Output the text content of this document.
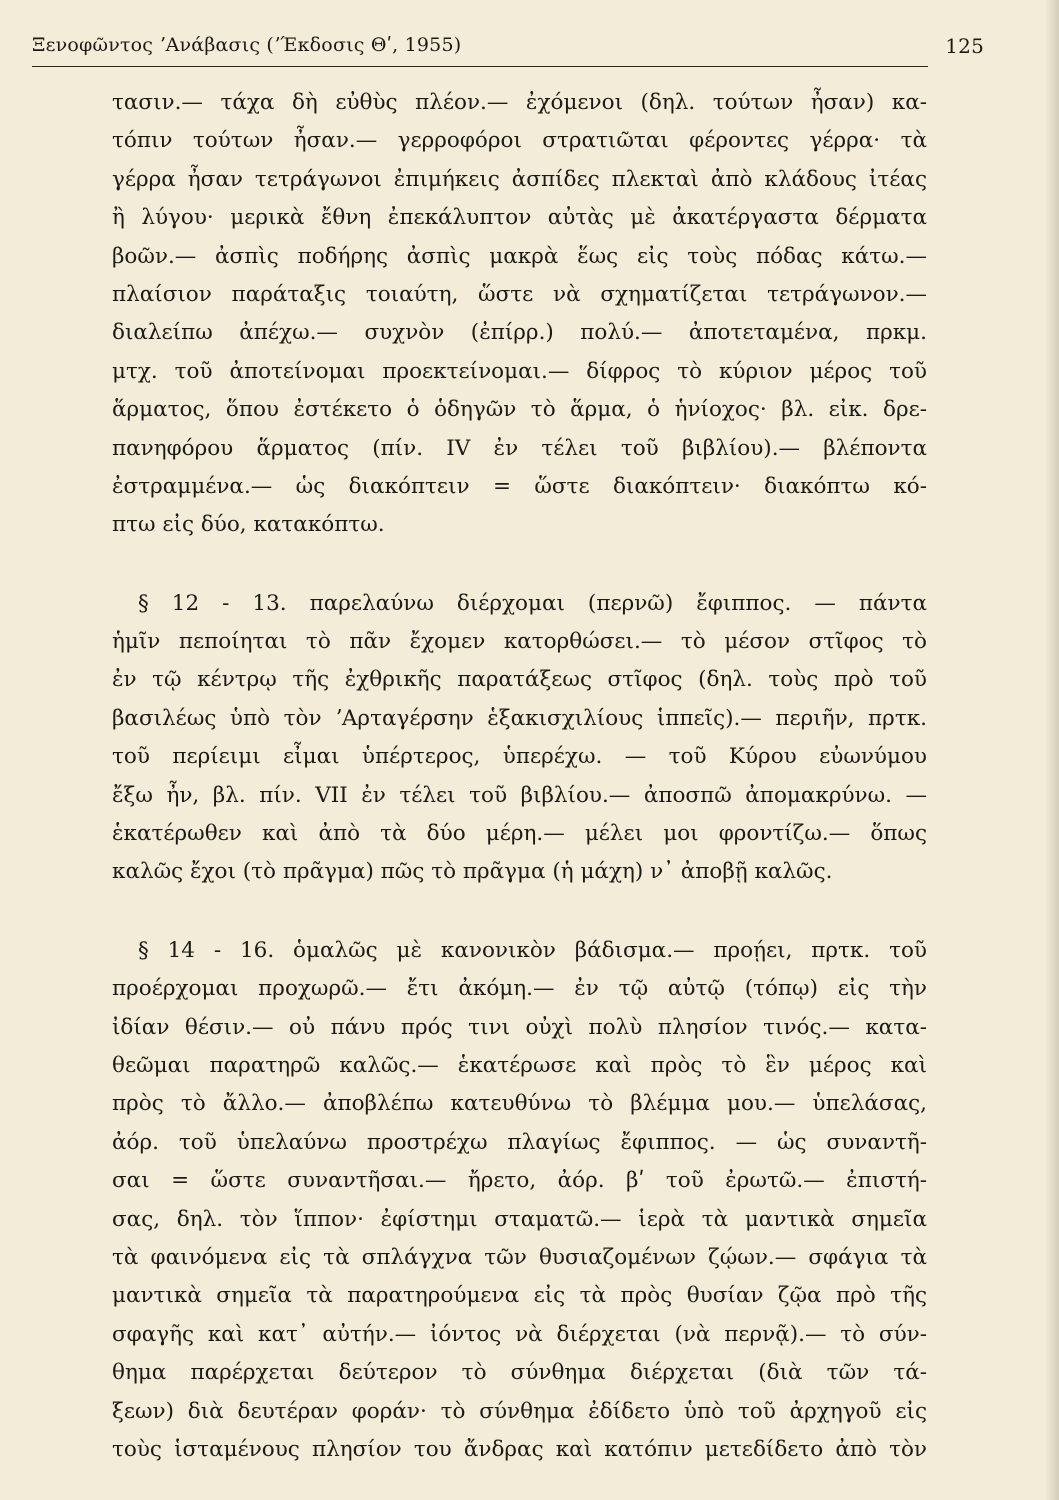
Ξενοφῶντος ʼΑνάβασις (ʼΈκδοσις Θʹ, 1955)	125
τασιν.— τάχα δὴ εὐθὺς πλέον.— ἐχόμενοι (δηλ. τούτων ἦσαν) κα-
τόπιν τούτων ἦσαν.— γερροφόροι στρατιῶται φέροντες γέρρα· τὰ
γέρρα ἦσαν τετράγωνοι ἐπιμήκεις ἀσπίδες πλεκταὶ ἀπὸ κλάδους ἰτέας
ἢ λύγου· μερικὰ ἔθνη ἐπεκάλυπτον αὐτὰς μὲ ἀκατέργαστα δέρματα
βοῶν.— ἀσπὶς ποδήρης ἀσπὶς μακρὰ ἕως εἰς τοὺς πόδας κάτω.—
πλαίσιον παράταξις τοιαύτη, ὥστε νὰ σχηματίζεται τετράγωνον.—
διαλείπω ἀπέχω.— συχνὸν (ἐπίρρ.) πολύ.— ἀποτεταμένα, πρκμ.
μτχ. τοῦ ἀποτείνομαι προεκτείνομαι.— δίφρος τὸ κύριον μέρος τοῦ
ἅρματος, ὅπου ἐστέκετο ὁ ὁδηγῶν τὸ ἅρμα, ὁ ἡνίοχος· βλ. εἰκ. δρε-
πανηφόρου ἅρματος (πίν. IV ἐν τέλει τοῦ βιβλίου).— βλέποντα
ἐστραμμένα.— ὡς διακόπτειν = ὥστε διακόπτειν· διακόπτω κό-
πτω εἰς δύο, κατακόπτω.
§ 12 - 13. παρελαύνω διέρχομαι (περνῶ) ἔφιππος. — πάντα
ἡμῖν πεποίηται τὸ πᾶν ἔχομεν κατορθώσει.— τὸ μέσον στῖφος τὸ
ἐν τῷ κέντρῳ τῆς ἐχθρικῆς παρατάξεως στῖφος (δηλ. τοὺς πρὸ τοῦ
βασιλέως ὑπὸ τὸν ʼΑρταγέρσην ἑξακισχιλίους ἱππεῖς).— περιῆν, πρτκ.
τοῦ περίειμι εἶμαι ὑπέρτερος, ὑπερέχω. — τοῦ Κύρου εὐωνύμου
ἔξω ἦν, βλ. πίν. VII ἐν τέλει τοῦ βιβλίου.— ἀποσπῶ ἀπομακρύνω. —
ἑκατέρωθεν καὶ ἀπὸ τὰ δύο μέρη.— μέλει μοι φροντίζω.— ὅπως
καλῶς ἔχοι (τὸ πρᾶγμα) πῶς τὸ πρᾶγμα (ἡ μάχη) ν᾿ ἀποβῇ καλῶς.
§ 14 - 16. ὁμαλῶς μὲ κανονικὸν βάδισμα.— προῄει, πρτκ. τοῦ
προέρχομαι προχωρῶ.— ἔτι ἀκόμη.— ἐν τῷ αὐτῷ (τόπῳ) εἰς τὴν
ἰδίαν θέσιν.— οὐ πάνυ πρός τινι οὐχὶ πολὺ πλησίον τινός.— κατα-
θεῶμαι παρατηρῶ καλῶς.— ἑκατέρωσε καὶ πρὸς τὸ ἓν μέρος καὶ
πρὸς τὸ ἄλλο.— ἀποβλέπω κατευθύνω τὸ βλέμμα μου.— ὑπελάσας,
ἀόρ. τοῦ ὑπελαύνω προστρέχω πλαγίως ἔφιππος. — ὡς συναντῆ-
σαι = ὥστε συναντῆσαι.— ἤρετο, ἀόρ. βʹ τοῦ ἐρωτῶ.— ἐπιστή-
σας, δηλ. τὸν ἵππον· ἐφίστημι σταματῶ.— ἱερὰ τὰ μαντικὰ σημεῖα
τὰ φαινόμενα εἰς τὰ σπλάγχνα τῶν θυσιαζομένων ζῴων.— σφάγια τὰ
μαντικὰ σημεῖα τὰ παρατηρούμενα εἰς τὰ πρὸς θυσίαν ζῷα πρὸ τῆς
σφαγῆς καὶ κατ᾿ αὐτήν.— ἰόντος νὰ διέρχεται (νὰ περνᾷ).— τὸ σύν-
θημα παρέρχεται δεύτερον τὸ σύνθημα διέρχεται (διὰ τῶν τά-
ξεων) διὰ δευτέραν φοράν· τὸ σύνθημα ἐδίδετο ὑπὸ τοῦ ἀρχηγοῦ εἰς
τοὺς ἱσταμένους πλησίον του ἄνδρας καὶ κατόπιν μετεδίδετο ἀπὸ τὸν
